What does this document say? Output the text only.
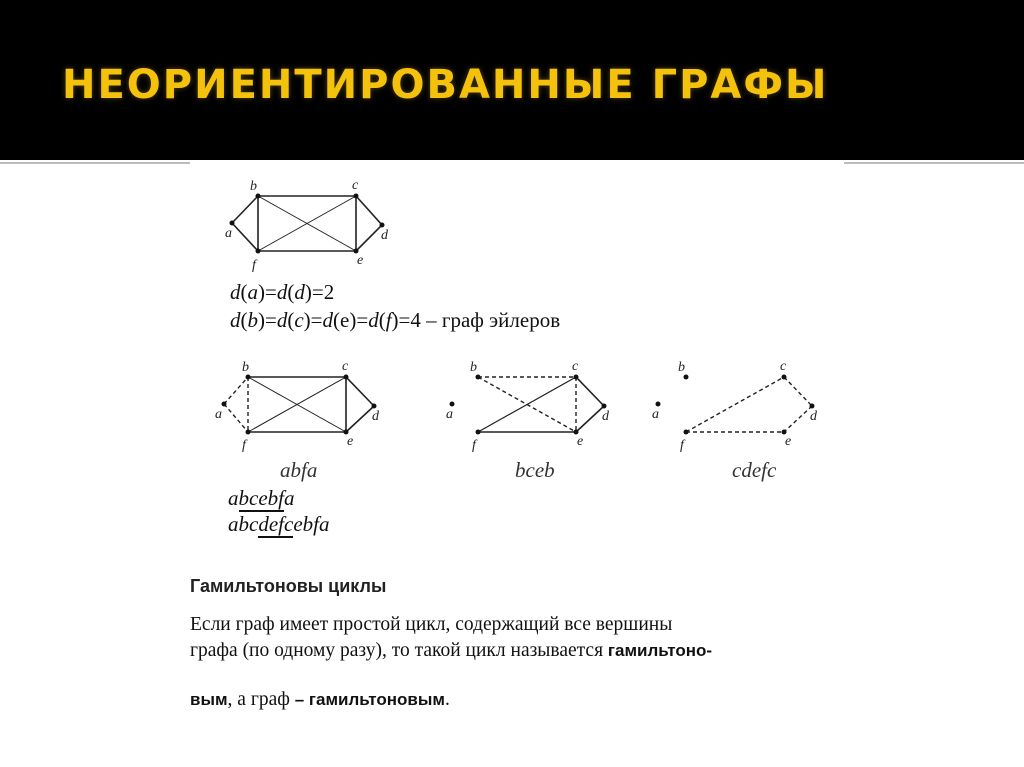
НЕОРИЕНТИРОВАННЫЕ ГРАФЫ
a
b	c
d
e
f

d(a)=d(d)=2

d(b)=d(c)=d(e)=d(f)=4 – граф эйлеров

a
b	c
d
e
f
a
b	c
d
e
f
a
b	c
d
e
f

abfa	bceb	cdefc

abcebfa

abcdefcebfa

Гамильтоновы циклы

Если граф имеет простой цикл, содержащий все вершины
графа (по одному разу), то такой цикл называется гамильтоно-
вым, а граф – гамильтоновым.
